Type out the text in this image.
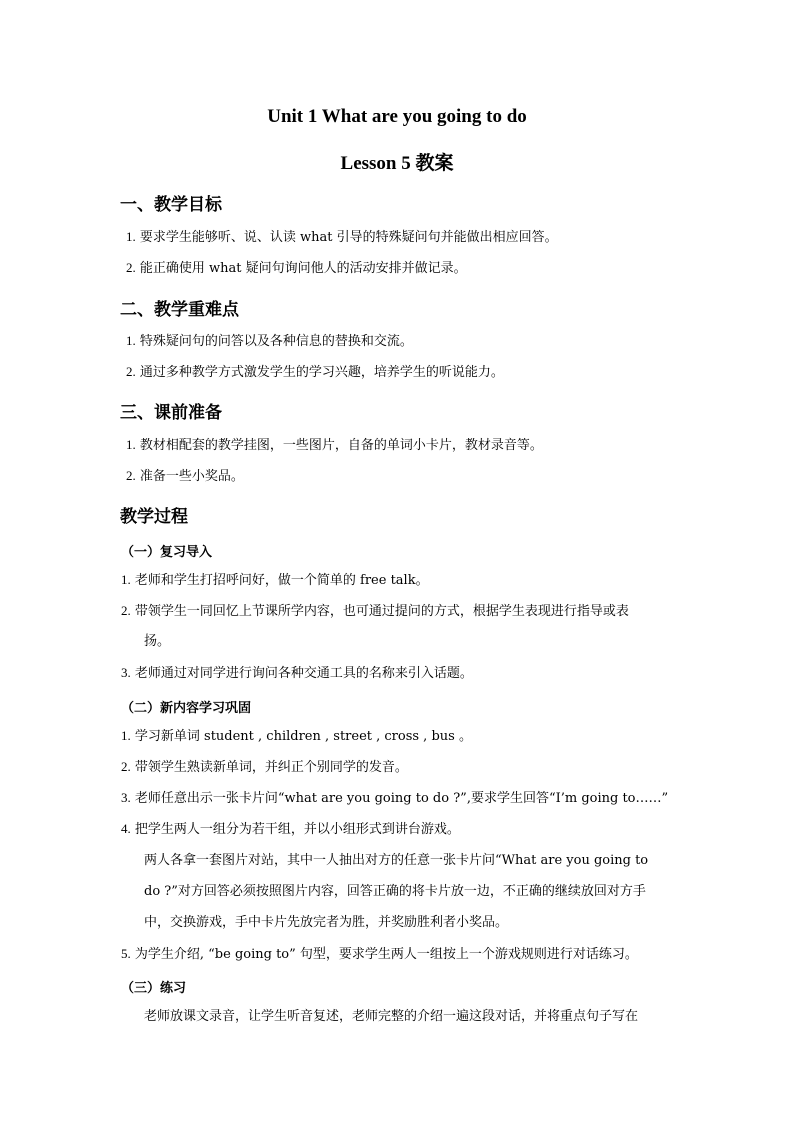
Unit 1 What are you going to do
Lesson 5 教案
一、教学目标
1. 要求学生能够听、说、认读 what 引导的特殊疑问句并能做出相应回答。
2. 能正确使用 what 疑问句询问他人的活动安排并做记录。
二、教学重难点
1. 特殊疑问句的问答以及各种信息的替换和交流。
2. 通过多种教学方式激发学生的学习兴趣，培养学生的听说能力。
三、课前准备
1. 教材相配套的教学挂图，一些图片，自备的单词小卡片，教材录音等。
2. 准备一些小奖品。
教学过程
（一）复习导入
1. 老师和学生打招呼问好，做一个简单的 free talk。
2. 带领学生一同回忆上节课所学内容，也可通过提问的方式，根据学生表现进行指导或表
扬。
3. 老师通过对同学进行询问各种交通工具的名称来引入话题。
（二）新内容学习巩固
1. 学习新单词 student , children , street , cross , bus 。
2. 带领学生熟读新单词，并纠正个别同学的发音。
3. 老师任意出示一张卡片问“what are you going to do ?”,要求学生回答“I’m going to……”
4. 把学生两人一组分为若干组，并以小组形式到讲台游戏。
两人各拿一套图片对站，其中一人抽出对方的任意一张卡片问“What are you going to
do ?”对方回答必须按照图片内容，回答正确的将卡片放一边，不正确的继续放回对方手
中，交换游戏，手中卡片先放完者为胜，并奖励胜利者小奖品。
5. 为学生介绍, “be going to” 句型，要求学生两人一组按上一个游戏规则进行对话练习。
（三）练习
老师放课文录音，让学生听音复述，老师完整的介绍一遍这段对话，并将重点句子写在
